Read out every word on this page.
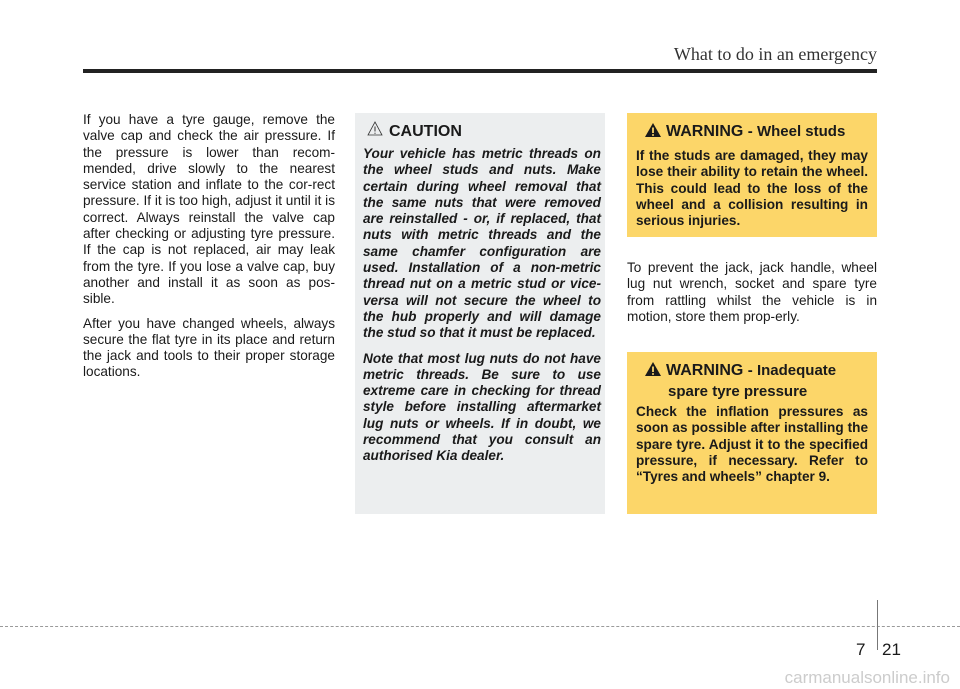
What to do in an emergency

If you have a tyre gauge, remove the valve cap and check the air pressure. If the pressure is lower than recom-mended, drive slowly to the nearest service station and inflate to the cor-rect pressure. If it is too high, adjust it until it is correct. Always reinstall the valve cap after checking or adjusting tyre pressure. If the cap is not replaced, air may leak from the tyre. If you lose a valve cap, buy another and install it as soon as pos-sible.

After you have changed wheels, always secure the flat tyre in its place and return the jack and tools to their proper storage locations.

CAUTION

Your vehicle has metric threads on the wheel studs and nuts. Make certain during wheel removal that the same nuts that were removed are reinstalled - or, if replaced, that nuts with metric threads and the same chamfer configuration are used. Installation of a non-metric thread nut on a metric stud or vice-versa will not secure the wheel to the hub properly and will damage the stud so that it must be replaced.

Note that most lug nuts do not have metric threads. Be sure to use extreme care in checking for thread style before installing aftermarket lug nuts or wheels. If in doubt, we recommend that you consult an authorised Kia dealer.

WARNING - Wheel studs
If the studs are damaged, they may lose their ability to retain the wheel. This could lead to the loss of the wheel and a collision resulting in serious injuries.

To prevent the jack, jack handle, wheel lug nut wrench, socket and spare tyre from rattling whilst the vehicle is in motion, store them prop-erly.

WARNING - Inadequate
spare tyre pressure
Check the inflation pressures as soon as possible after installing the spare tyre. Adjust it to the specified pressure, if necessary. Refer to “Tyres and wheels” chapter 9.
7 21
carmanualsonline.info
